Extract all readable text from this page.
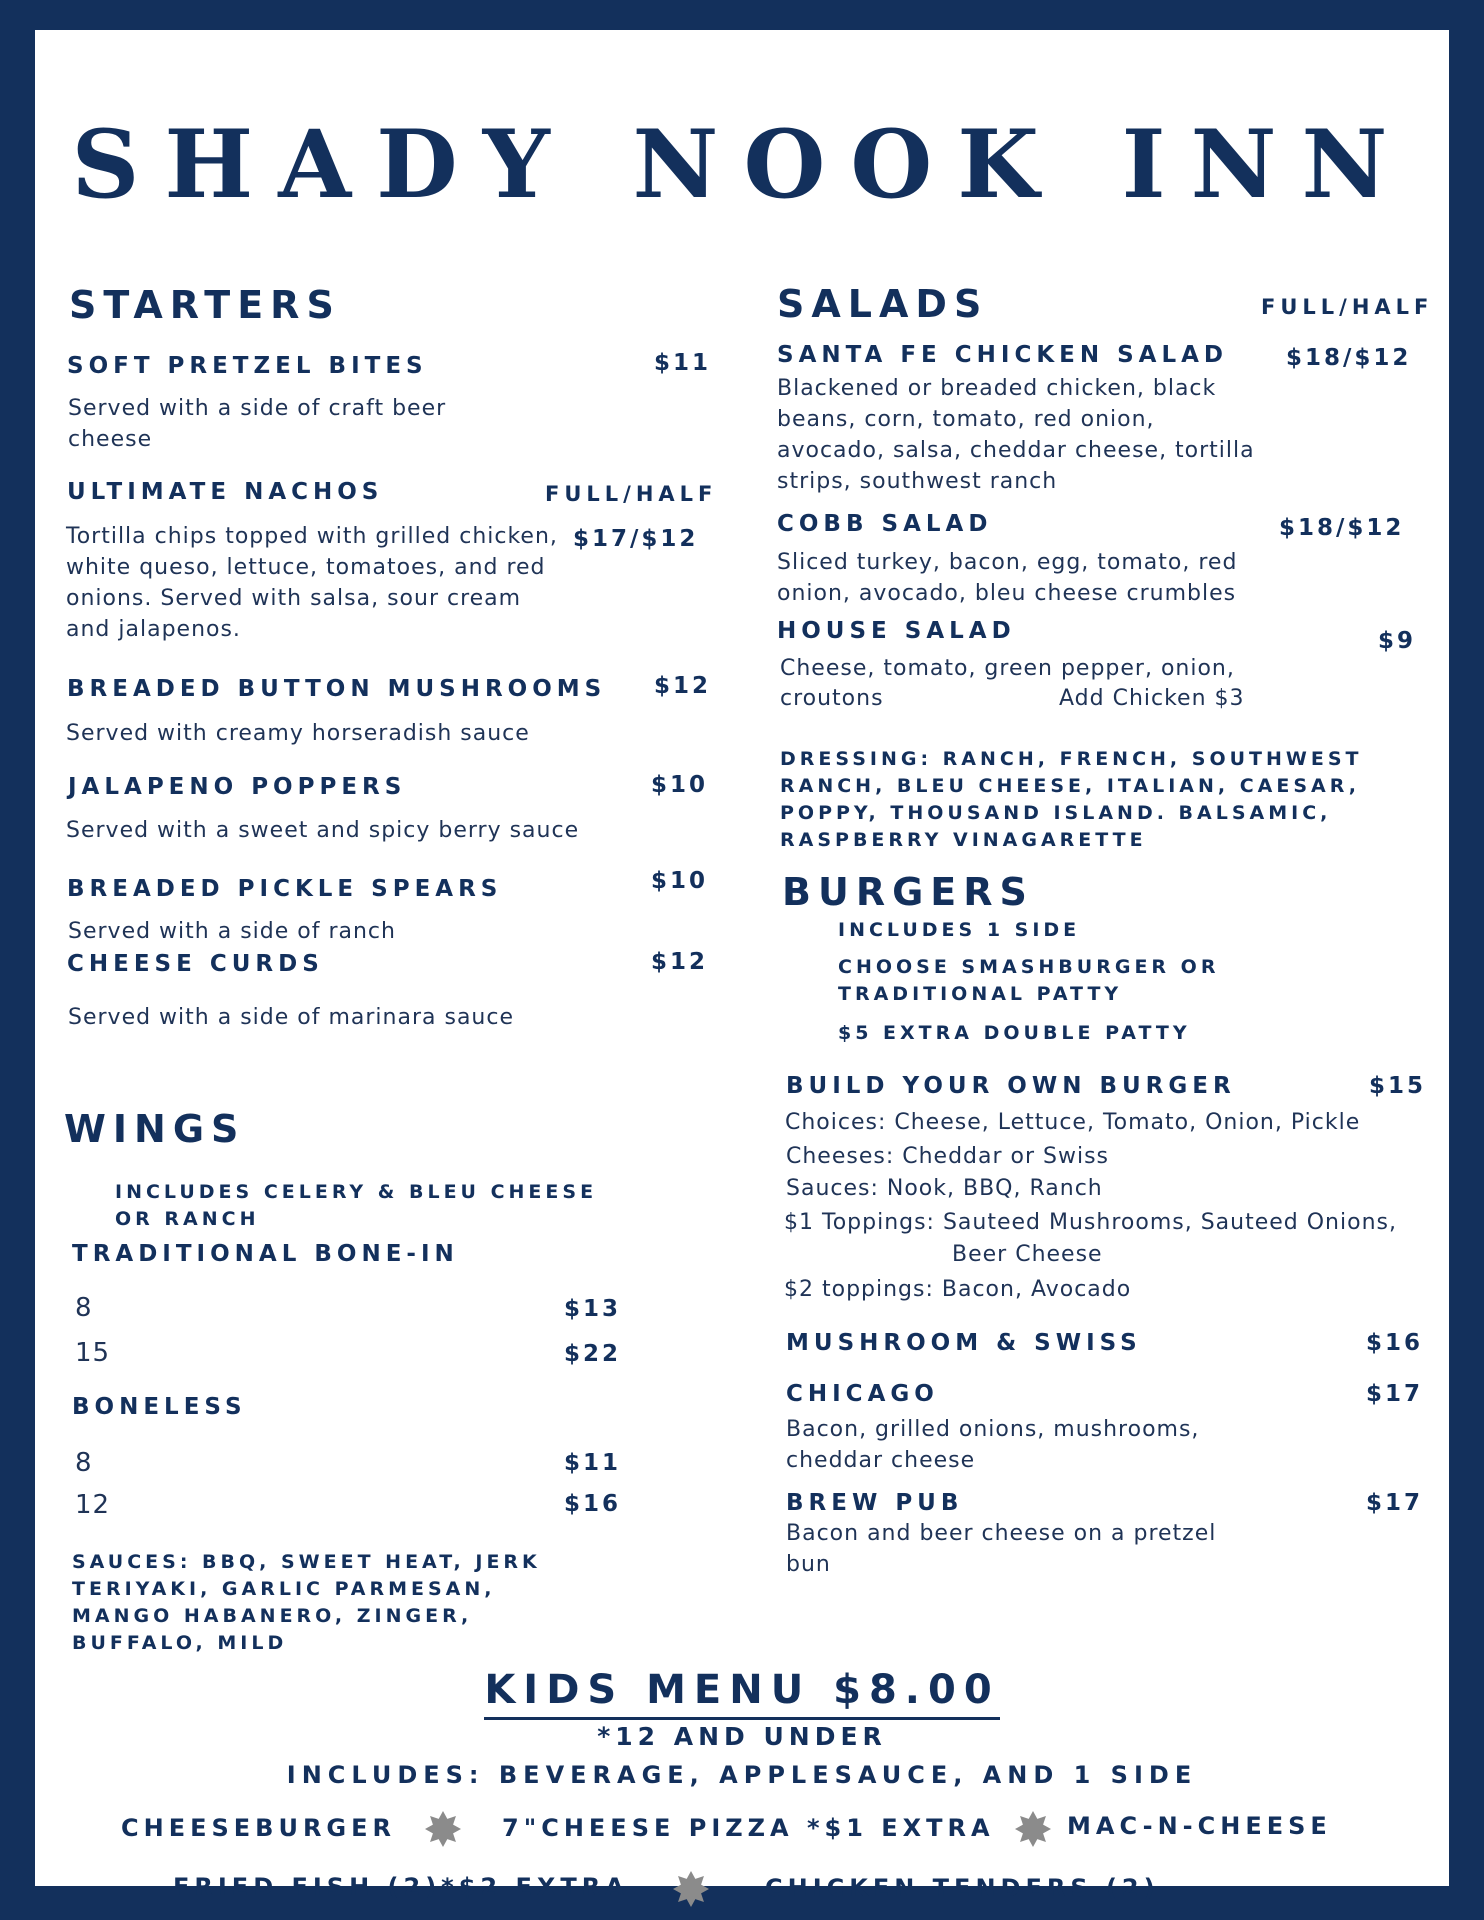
SHADY NOOK INN
STARTERS
SOFT PRETZEL BITES	$11
Served with a side of craft beer cheese
ULTIMATE NACHOS	FULL/HALF
$17/$12
Tortilla chips topped with grilled chicken, white queso, lettuce, tomatoes, and red onions. Served with salsa, sour cream and jalapenos.
BREADED BUTTON MUSHROOMS $12
Served with creamy horseradish sauce
JALAPENO POPPERS	$10
Served with a sweet and spicy berry sauce
BREADED PICKLE SPEARS	$10
Served with a side of ranch
CHEESE CURDS	$12
Served with a side of marinara sauce
WINGS
INCLUDES CELERY & BLEU CHEESE OR RANCH
TRADITIONAL BONE-IN
8	$13
15	$22
BONELESS
8	$11
12	$16
SAUCES: BBQ, SWEET HEAT, JERK TERIYAKI, GARLIC PARMESAN, MANGO HABANERO, ZINGER, BUFFALO, MILD
SALADS	FULL/HALF
SANTA FE CHICKEN SALAD	$18/$12
Blackened or breaded chicken, black beans, corn, tomato, red onion, avocado, salsa, cheddar cheese, tortilla strips, southwest ranch
COBB SALAD	$18/$12
Sliced turkey, bacon, egg, tomato, red onion, avocado, bleu cheese crumbles
HOUSE SALAD	$9
Cheese, tomato, green pepper, onion,
croutons	Add Chicken $3
DRESSING: RANCH, FRENCH, SOUTHWEST RANCH, BLEU CHEESE, ITALIAN, CAESAR, POPPY, THOUSAND ISLAND. BALSAMIC, RASPBERRY VINAGARETTE
BURGERS
INCLUDES 1 SIDE
CHOOSE SMASHBURGER OR TRADITIONAL PATTY
$5 EXTRA DOUBLE PATTY
BUILD YOUR OWN BURGER	$15
Choices: Cheese, Lettuce, Tomato, Onion, Pickle
Cheeses: Cheddar or Swiss
Sauces: Nook, BBQ, Ranch
$1 Toppings: Sauteed Mushrooms, Sauteed Onions,
Beer Cheese
$2 toppings: Bacon, Avocado
MUSHROOM & SWISS	$16
CHICAGO	$17
Bacon, grilled onions, mushrooms, cheddar cheese
BREW PUB	$17
Bacon and beer cheese on a pretzel bun
KIDS MENU $8.00
*12 AND UNDER
INCLUDES: BEVERAGE, APPLESAUCE, AND 1 SIDE
CHEESEBURGER	7"CHEESE PIZZA *$1 EXTRA	MAC-N-CHEESE
FRIED FISH (2)*$2 EXTRA	CHICKEN TENDERS (2)
